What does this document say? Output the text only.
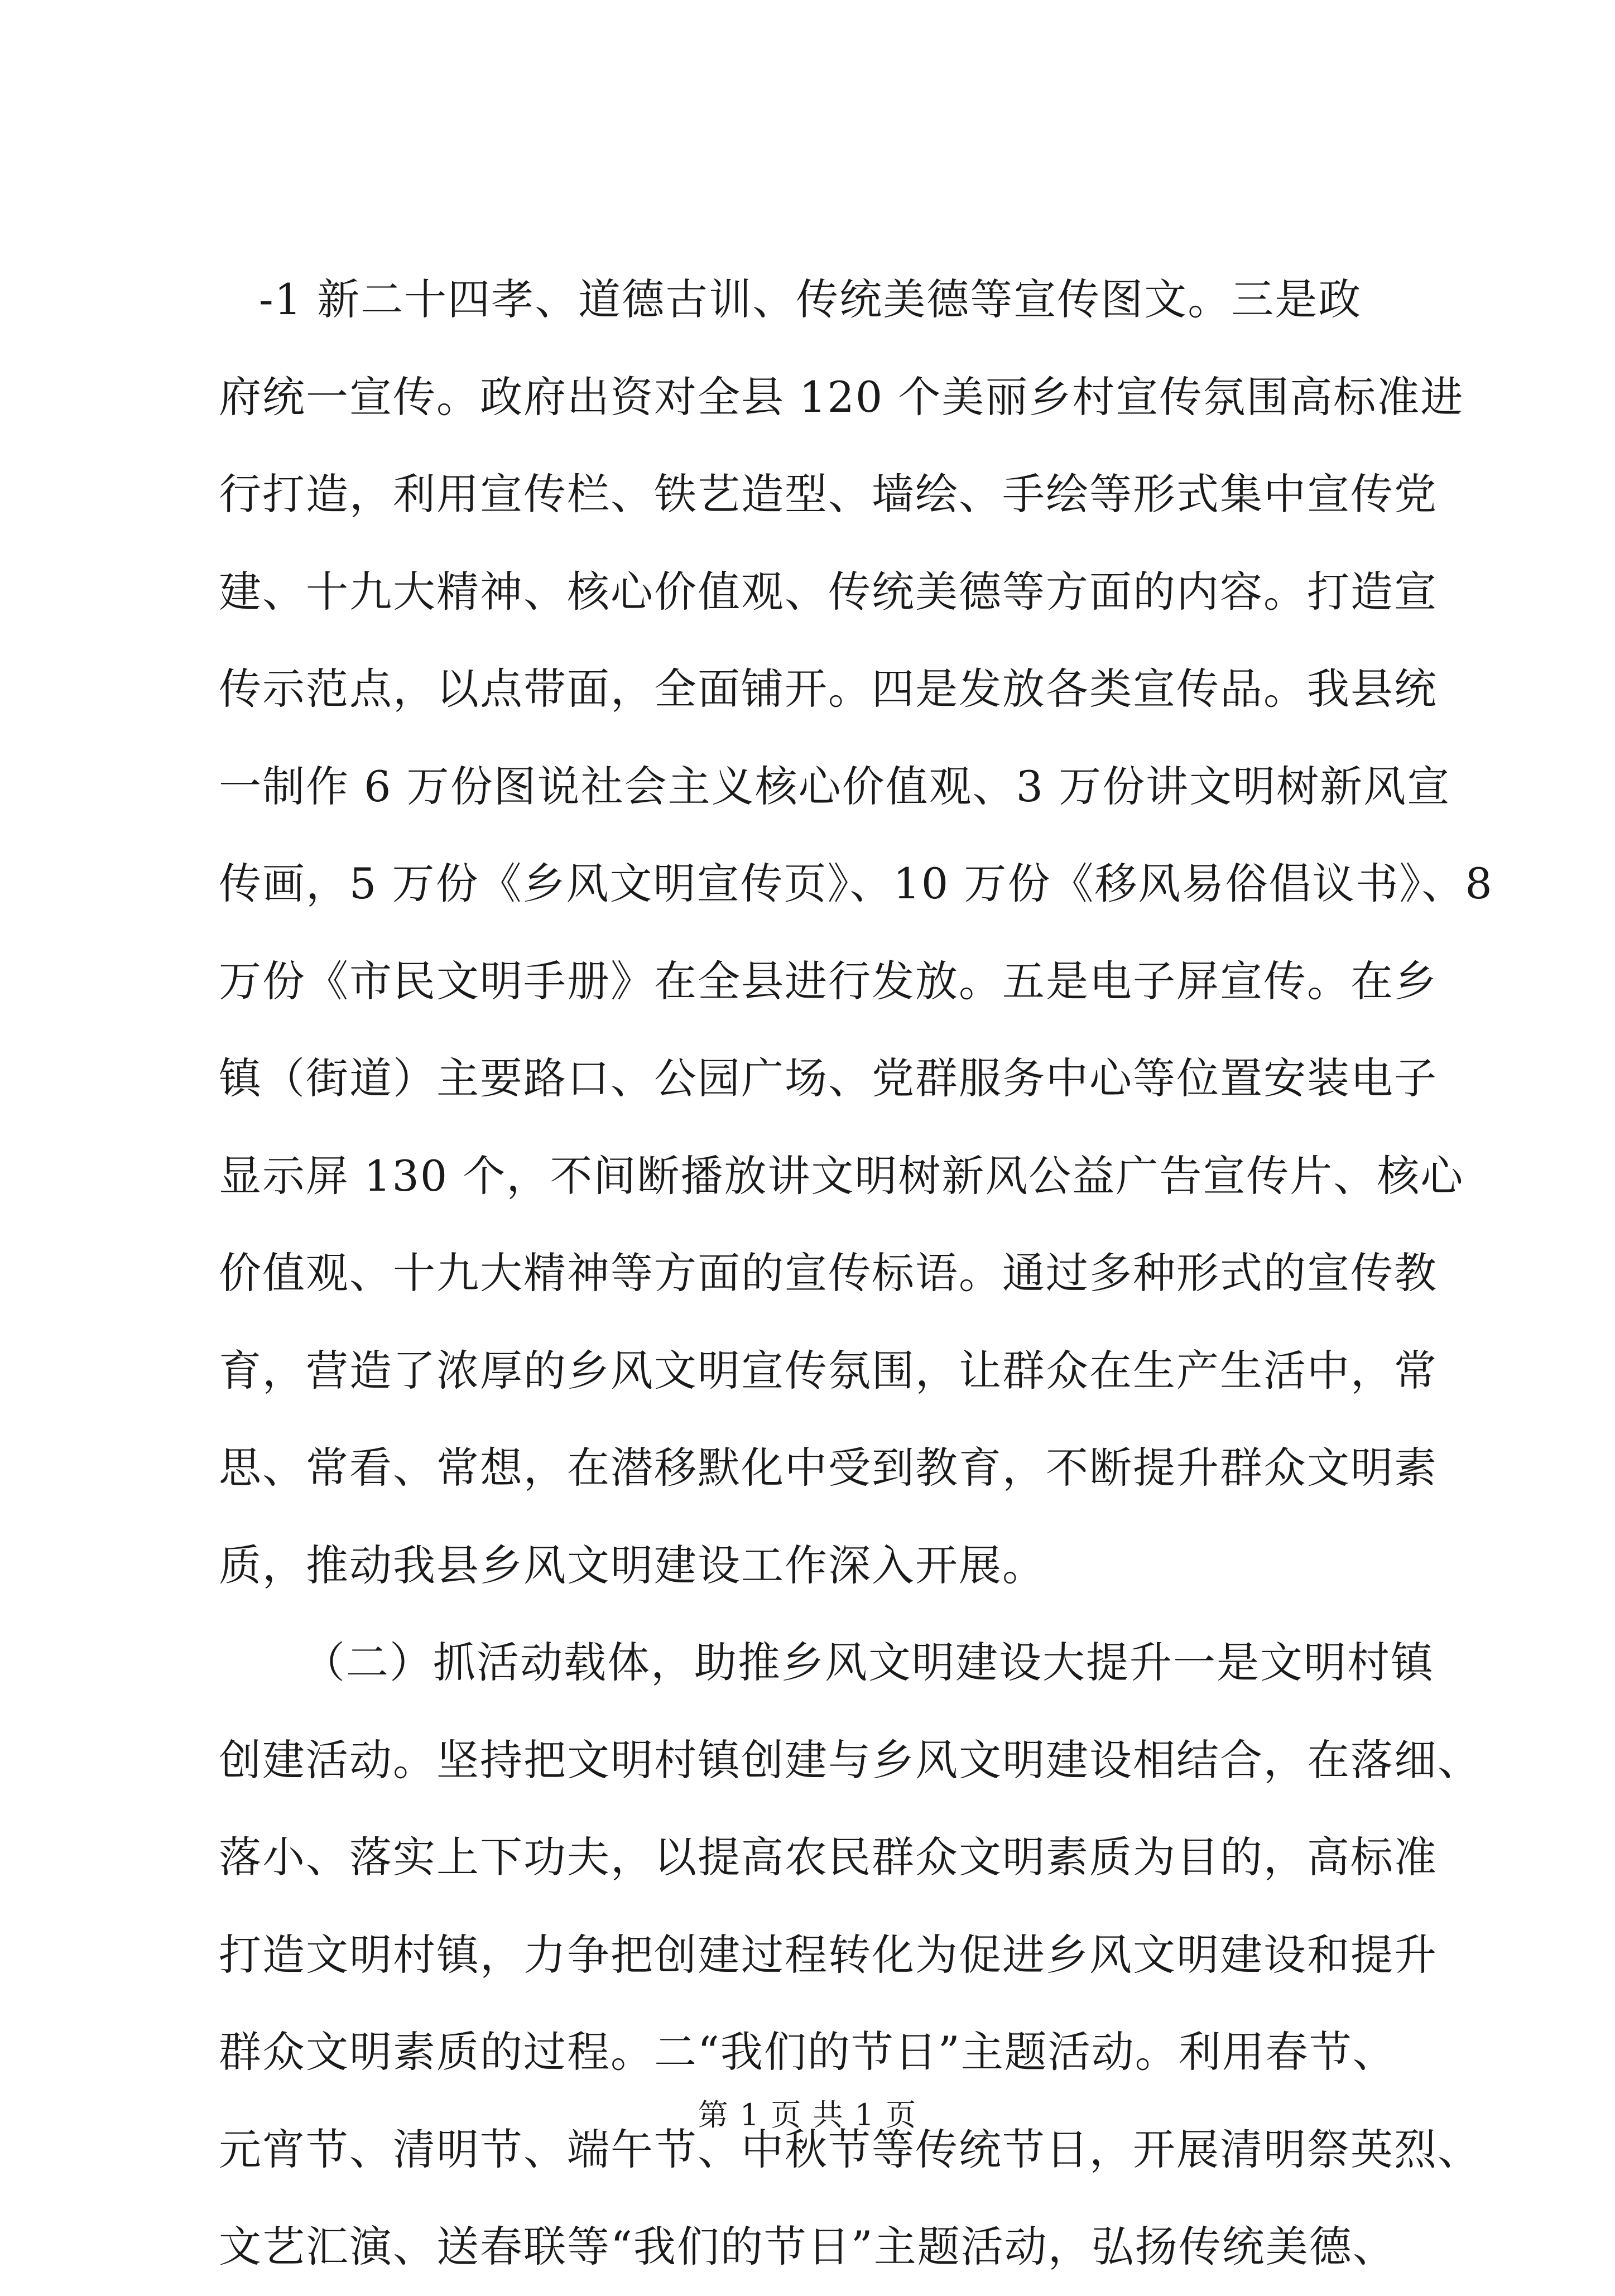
-1 新二十四孝、道德古训、传统美德等宣传图文。三是政
府统一宣传。政府出资对全县 120 个美丽乡村宣传氛围高标准进
行打造，利用宣传栏、铁艺造型、墙绘、手绘等形式集中宣传党
建、十九大精神、核心价值观、传统美德等方面的内容。打造宣
传示范点，以点带面，全面铺开。四是发放各类宣传品。我县统
一制作 6 万份图说社会主义核心价值观、3 万份讲文明树新风宣
传画，5 万份《乡风文明宣传页》、10 万份《移风易俗倡议书》、8
万份《市民文明手册》在全县进行发放。五是电子屏宣传。在乡
镇（街道）主要路口、公园广场、党群服务中心等位置安装电子
显示屏 130 个，不间断播放讲文明树新风公益广告宣传片、核心
价值观、十九大精神等方面的宣传标语。通过多种形式的宣传教
育，营造了浓厚的乡风文明宣传氛围，让群众在生产生活中，常
思、常看、常想，在潜移默化中受到教育，不断提升群众文明素
质，推动我县乡风文明建设工作深入开展。
（二）抓活动载体，助推乡风文明建设大提升一是文明村镇
创建活动。坚持把文明村镇创建与乡风文明建设相结合，在落细、
落小、落实上下功夫，以提高农民群众文明素质为目的，高标准
打造文明村镇，力争把创建过程转化为促进乡风文明建设和提升
群众文明素质的过程。二“我们的节日”主题活动。利用春节、
元宵节、清明节、端午节、中秋节等传统节日，开展清明祭英烈、
文艺汇演、送春联等“我们的节日”主题活动，弘扬传统美德、
第 1 页 共 1 页
